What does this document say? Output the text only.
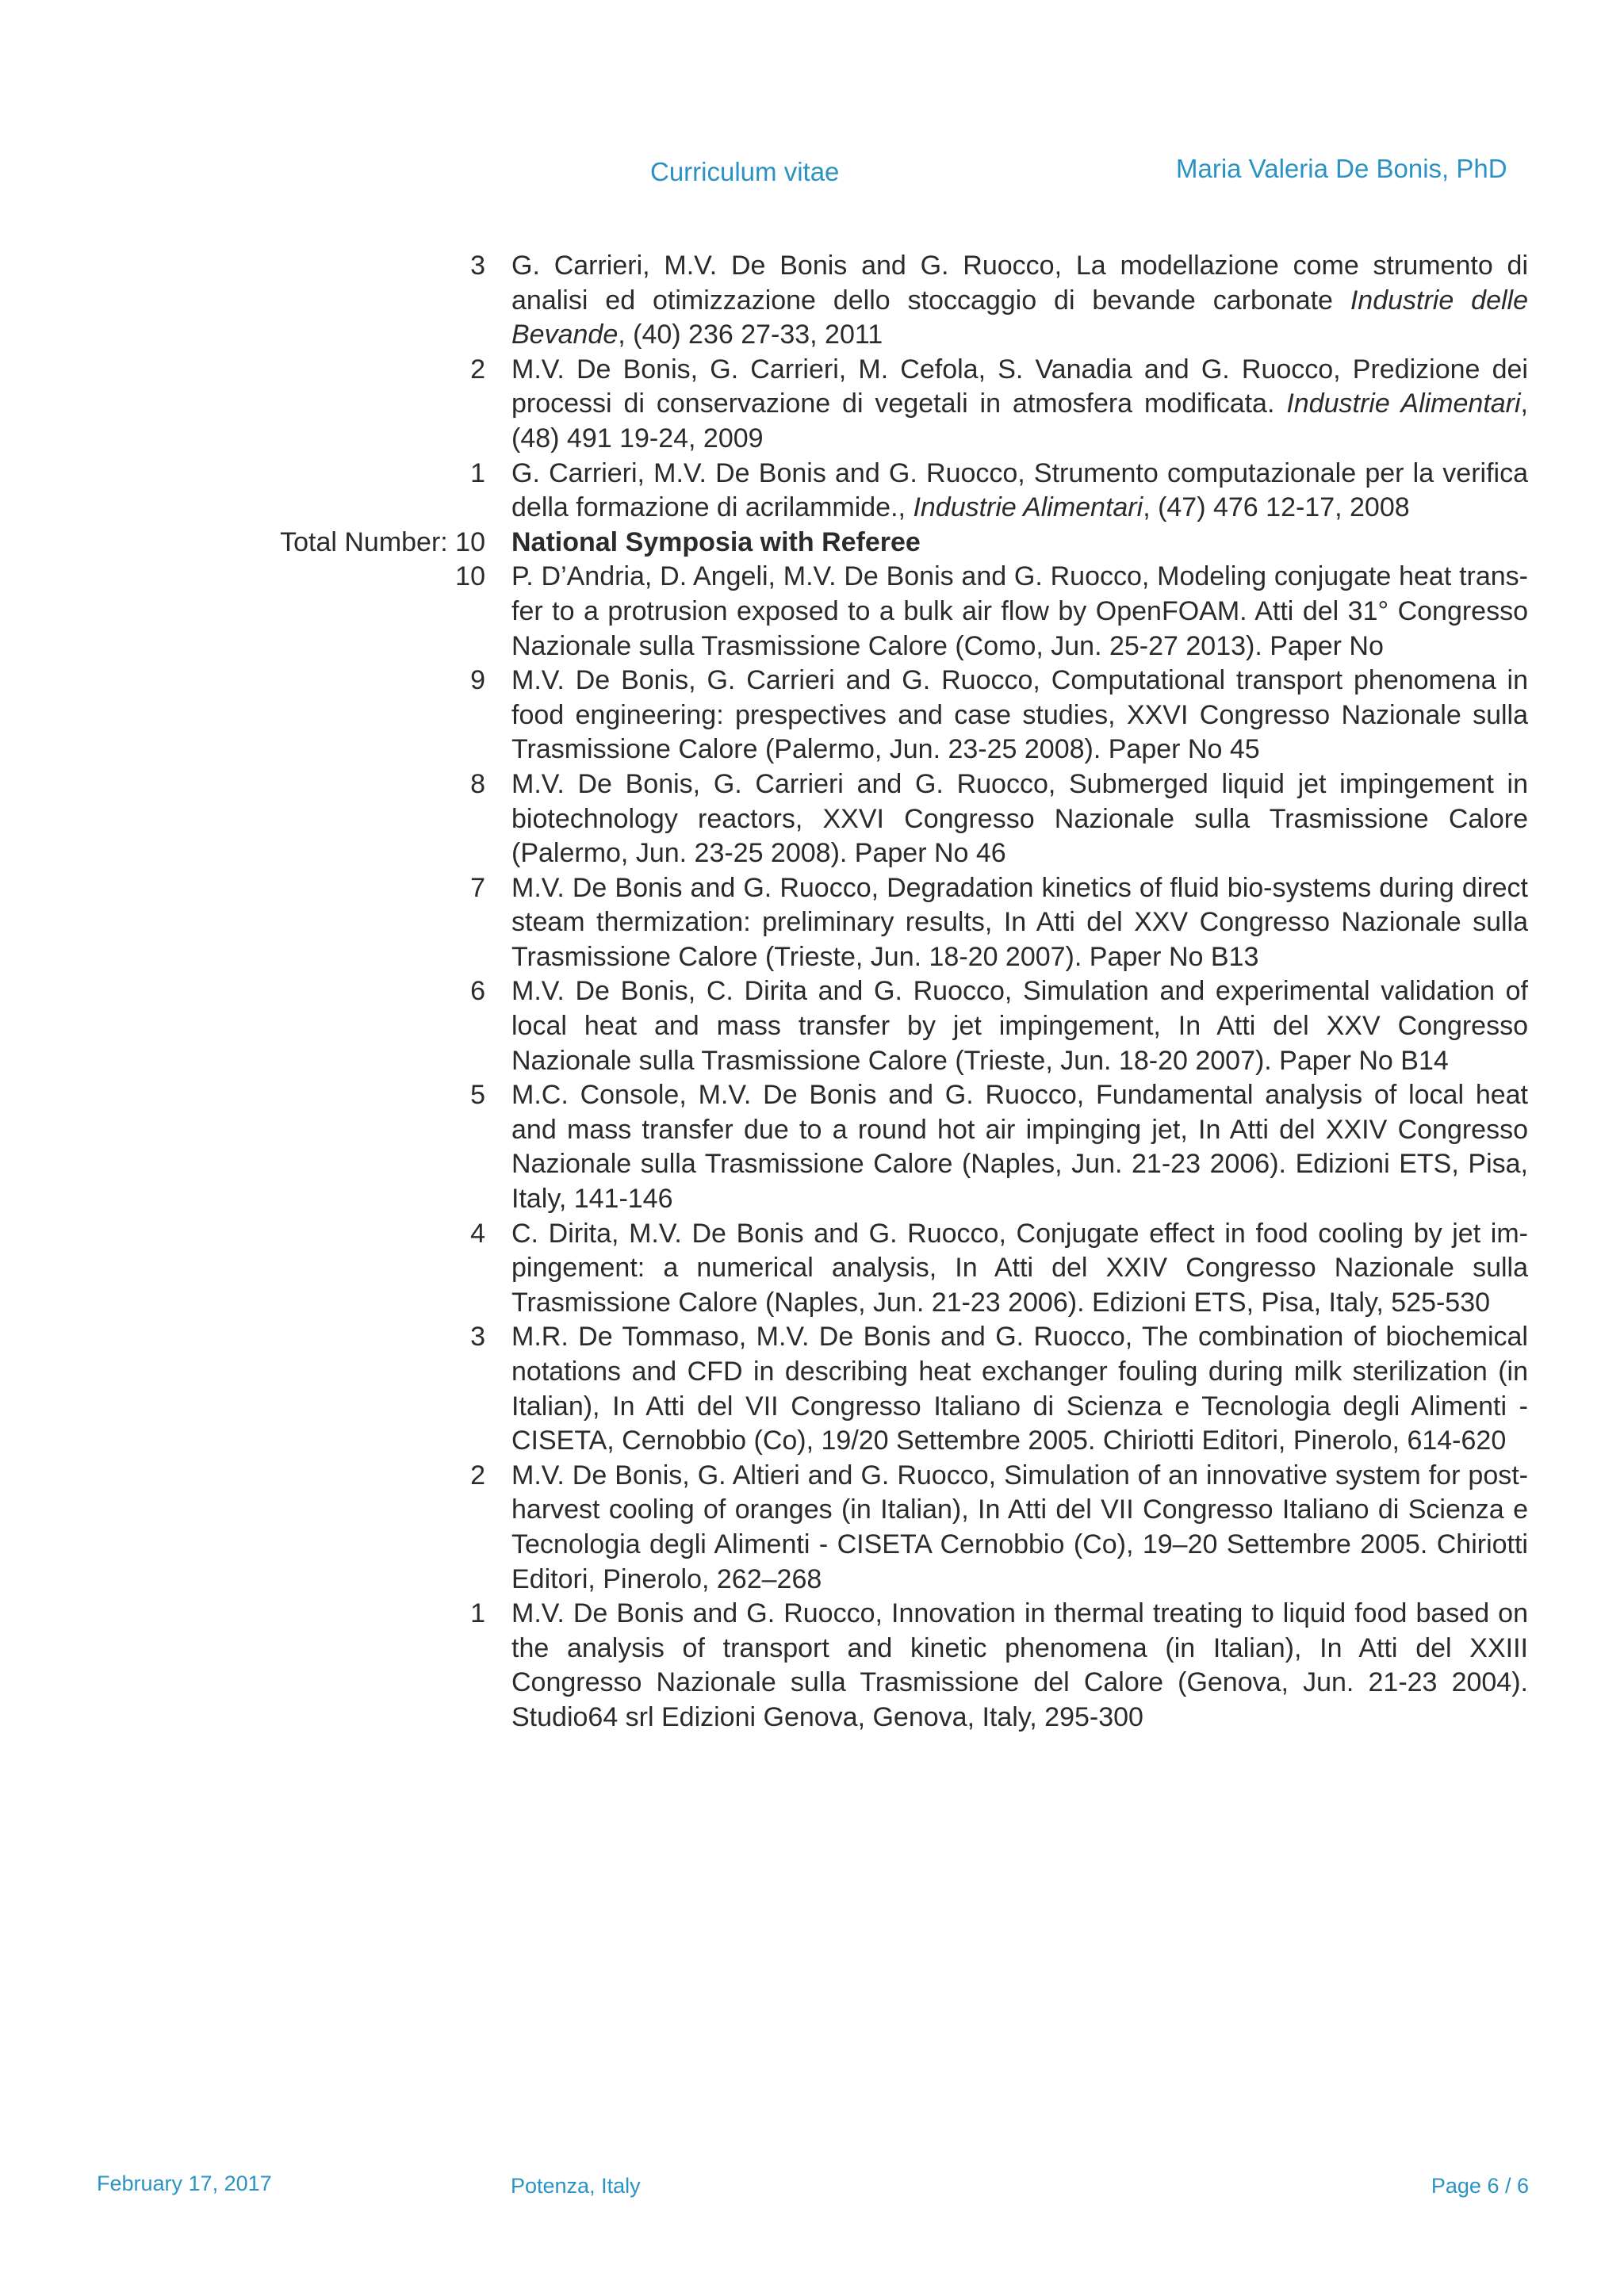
Curriculum vitae	Maria Valeria De Bonis, PhD
3 G. Carrieri, M.V. De Bonis and G. Ruocco, La modellazione come strumento di analisi ed otimizzazione dello stoccaggio di bevande carbonate Industrie delle Bevande, (40) 236 27-33, 2011
2 M.V. De Bonis, G. Carrieri, M. Cefola, S. Vanadia and G. Ruocco, Predizione dei processi di conservazione di vegetali in atmosfera modificata. Industrie Alimentari, (48) 491 19-24, 2009
1 G. Carrieri, M.V. De Bonis and G. Ruocco, Strumento computazionale per la verifica della formazione di acrilammide., Industrie Alimentari, (47) 476 12-17, 2008
Total Number: 10 National Symposia with Referee
10 P. D’Andria, D. Angeli, M.V. De Bonis and G. Ruocco, Modeling conjugate heat transfer to a protrusion exposed to a bulk air flow by OpenFOAM. Atti del 31° Congresso Nazionale sulla Trasmissione Calore (Como, Jun. 25-27 2013). Paper No
9 M.V. De Bonis, G. Carrieri and G. Ruocco, Computational transport phenomena in food engineering: prespectives and case studies, XXVI Congresso Nazionale sulla Trasmissione Calore (Palermo, Jun. 23-25 2008). Paper No 45
8 M.V. De Bonis, G. Carrieri and G. Ruocco, Submerged liquid jet impingement in biotechnology reactors, XXVI Congresso Nazionale sulla Trasmissione Calore (Palermo, Jun. 23-25 2008). Paper No 46
7 M.V. De Bonis and G. Ruocco, Degradation kinetics of fluid bio-systems during direct steam thermization: preliminary results, In Atti del XXV Congresso Nazionale sulla Trasmissione Calore (Trieste, Jun. 18-20 2007). Paper No B13
6 M.V. De Bonis, C. Dirita and G. Ruocco, Simulation and experimental validation of local heat and mass transfer by jet impingement, In Atti del XXV Congresso Nazionale sulla Trasmissione Calore (Trieste, Jun. 18-20 2007). Paper No B14
5 M.C. Console, M.V. De Bonis and G. Ruocco, Fundamental analysis of local heat and mass transfer due to a round hot air impinging jet, In Atti del XXIV Congresso Nazionale sulla Trasmissione Calore (Naples, Jun. 21-23 2006). Edizioni ETS, Pisa, Italy, 141-146
4 C. Dirita, M.V. De Bonis and G. Ruocco, Conjugate effect in food cooling by jet impingement: a numerical analysis, In Atti del XXIV Congresso Nazionale sulla Trasmissione Calore (Naples, Jun. 21-23 2006). Edizioni ETS, Pisa, Italy, 525-530
3 M.R. De Tommaso, M.V. De Bonis and G. Ruocco, The combination of biochemical notations and CFD in describing heat exchanger fouling during milk sterilization (in Italian), In Atti del VII Congresso Italiano di Scienza e Tecnologia degli Alimenti - CISETA, Cernobbio (Co), 19/20 Settembre 2005. Chiriotti Editori, Pinerolo, 614-620
2 M.V. De Bonis, G. Altieri and G. Ruocco, Simulation of an innovative system for postharvest cooling of oranges (in Italian), In Atti del VII Congresso Italiano di Scienza e Tecnologia degli Alimenti - CISETA Cernobbio (Co), 19–20 Settembre 2005. Chiriotti Editori, Pinerolo, 262–268
1 M.V. De Bonis and G. Ruocco, Innovation in thermal treating to liquid food based on the analysis of transport and kinetic phenomena (in Italian), In Atti del XXIII Congresso Nazionale sulla Trasmissione del Calore (Genova, Jun. 21-23 2004). Studio64 srl Edizioni Genova, Genova, Italy, 295-300
February 17, 2017	Potenza, Italy	Page 6 / 6
